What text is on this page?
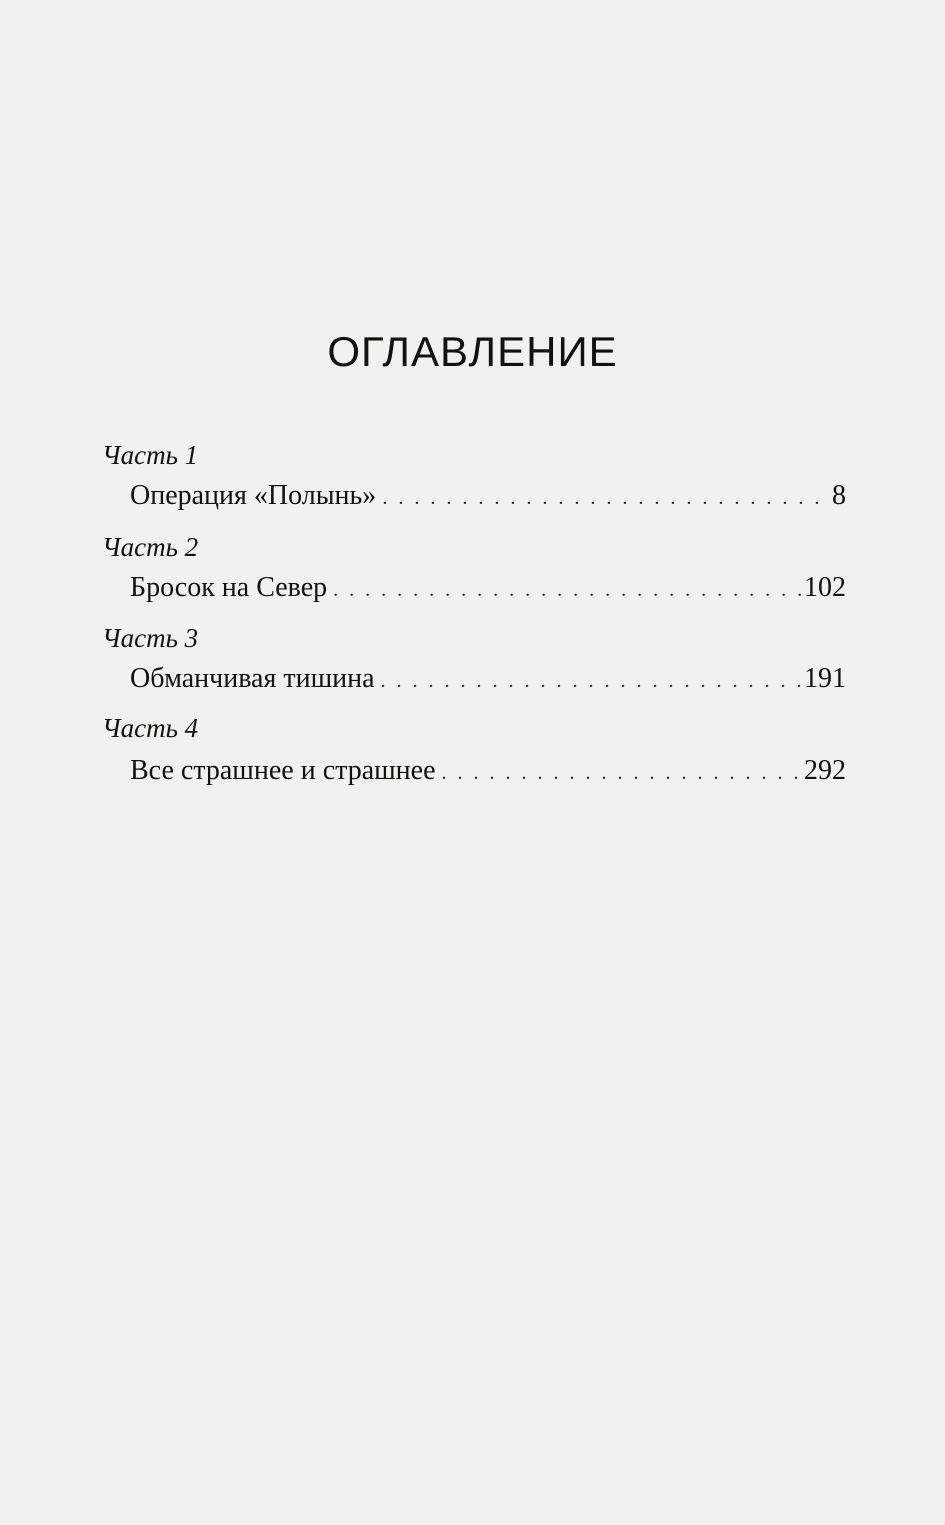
ОГЛАВЛЕНИЕ
Часть 1
Операция «Полынь» . . .	8
Часть 2
Бросок на Север . . .	102
Часть 3
Обманчивая тишина . . .	191
Часть 4
Все страшнее и страшнее . . .	292
